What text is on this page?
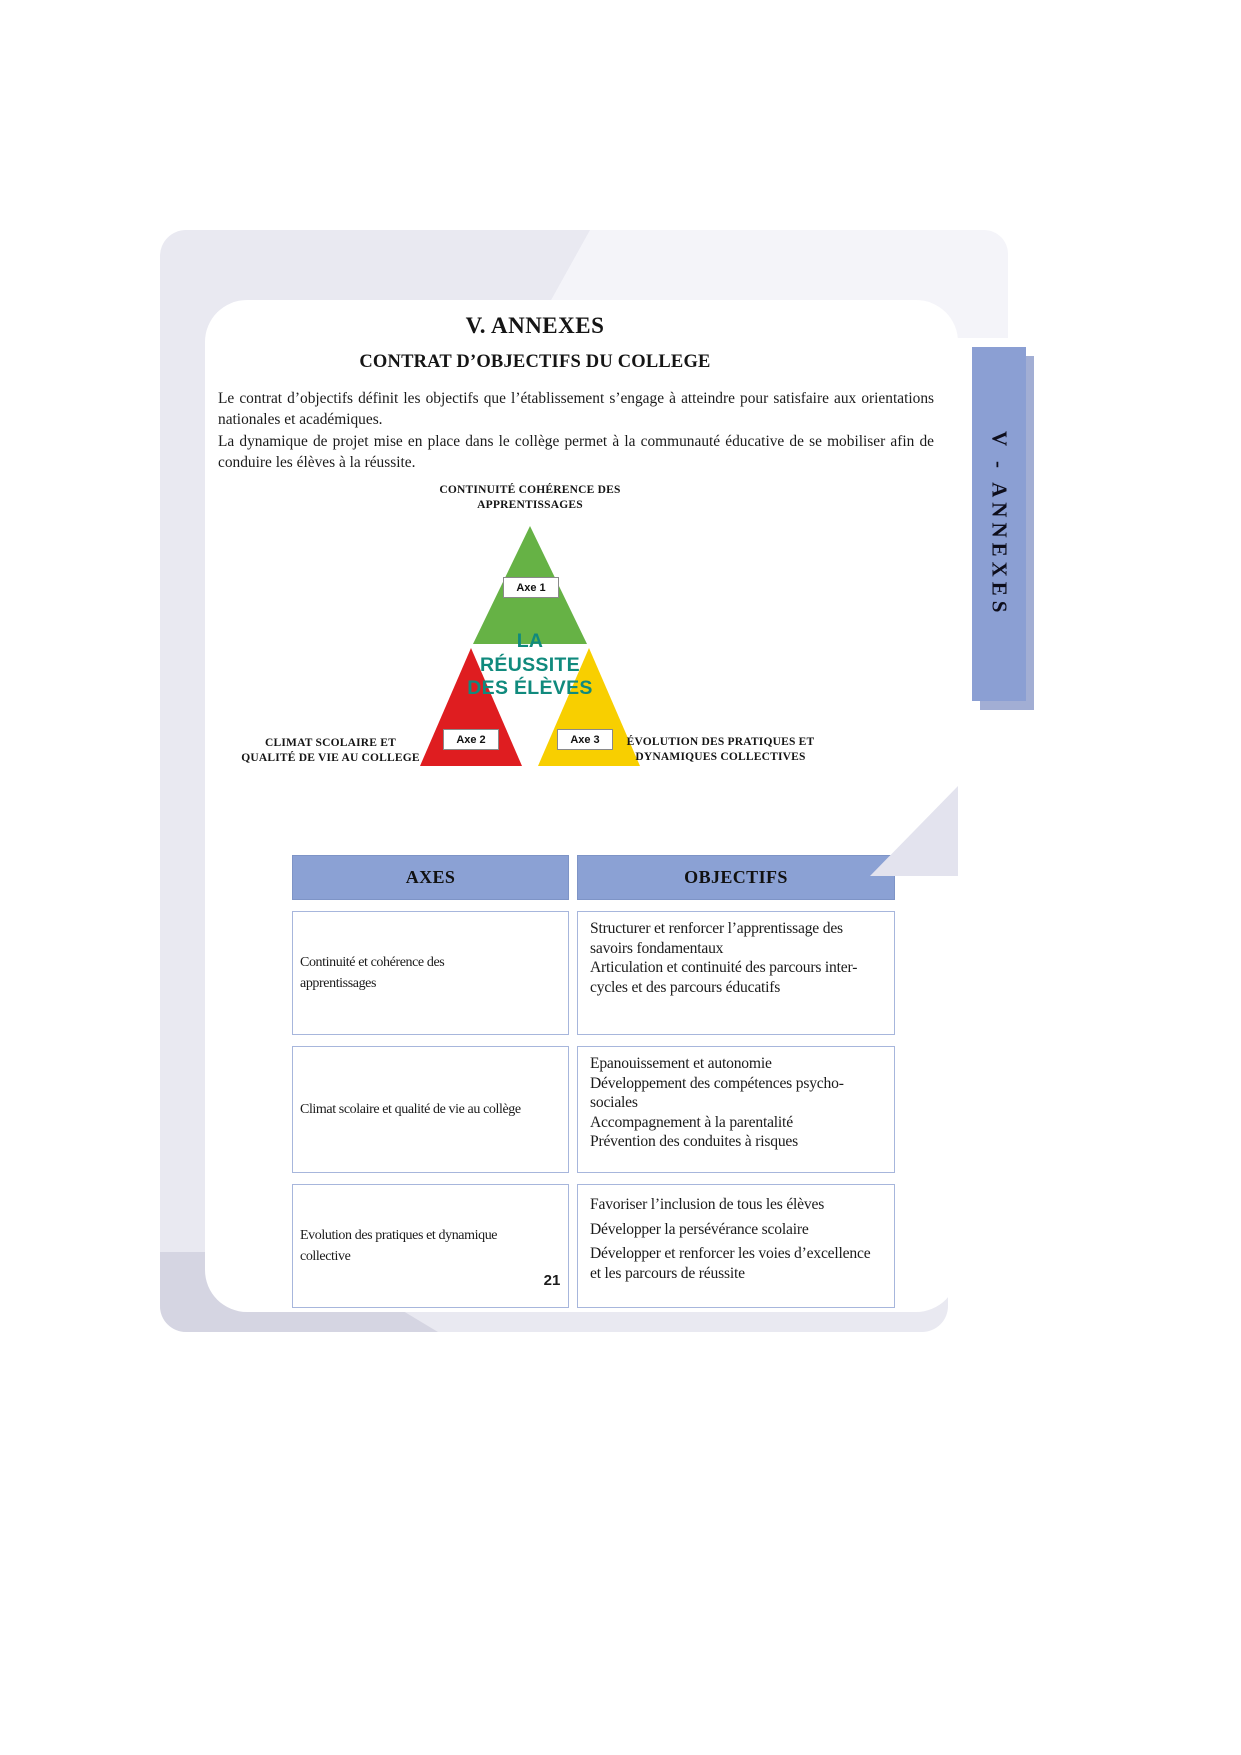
V. ANNEXES
CONTRAT D’OBJECTIFS DU COLLEGE

Le contrat d’objectifs définit les objectifs que l’établissement s’engage à atteindre pour satisfaire aux orientations nationales et académiques.

La dynamique de projet mise en place dans le collège permet à la communauté éducative de se mobiliser afin de conduire les élèves à la réussite.

CONTINUITÉ COHÉRENCE DES
APPRENTISSAGES
LA
RÉUSSITE
DES ÉLÈVES
Axe 1
Axe 2	Axe 3
CLIMAT SCOLAIRE ET
QUALITÉ DE VIE AU COLLEGE
ÉVOLUTION DES PRATIQUES ET
DYNAMIQUES COLLECTIVES
AXES	OBJECTIFS
Continuité et cohérence des
apprentissages
Structurer et renforcer l’apprentissage des savoirs fondamentaux
Articulation et continuité des parcours inter-cycles et des parcours éducatifs
Climat scolaire et qualité de vie au collège
Epanouissement et autonomie
Développement des compétences psycho-sociales
Accompagnement à la parentalité
Prévention des conduites à risques
Evolution des pratiques et dynamique
collective
Favoriser l’inclusion de tous les élèves
Développer la persévérance scolaire
Développer et renforcer les voies d’excellence et les parcours de réussite
21
V - ANNEXES
